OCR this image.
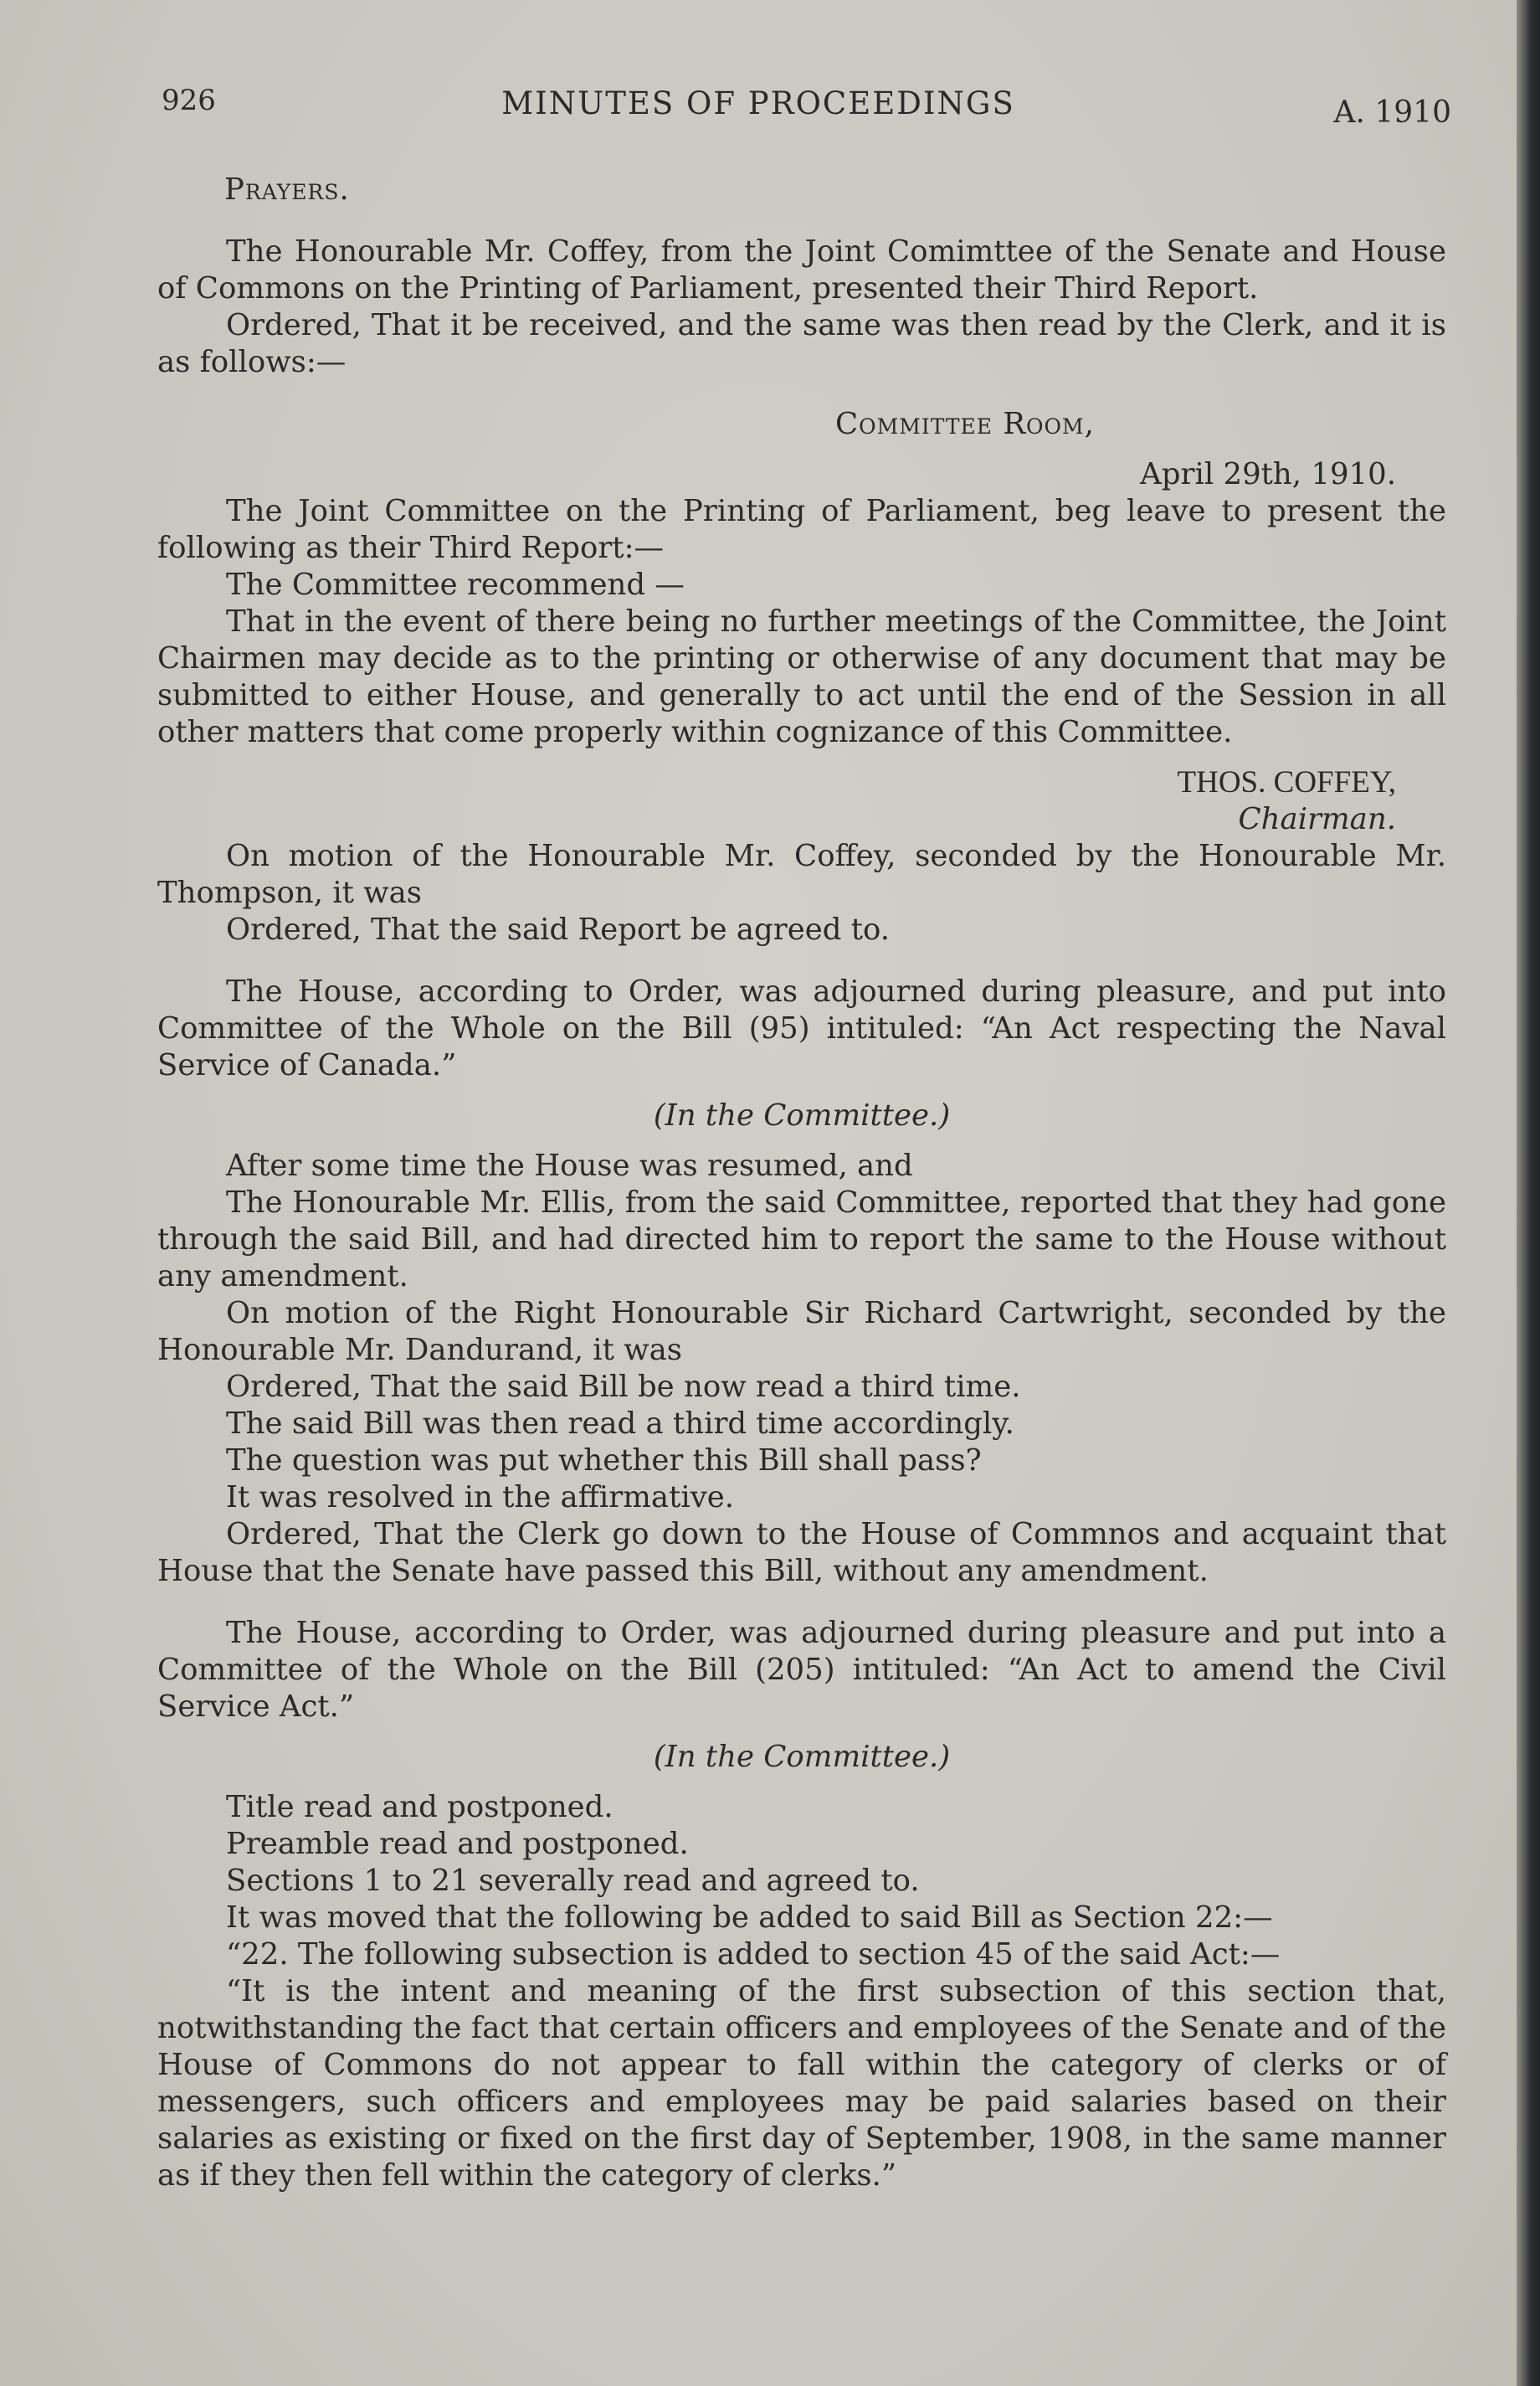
926	MINUTES OF PROCEEDINGS	A. 1910

Prayers.

The Honourable Mr. Coffey, from the Joint Comimttee of the Senate and House of Commons on the Printing of Parliament, presented their Third Report.

Ordered, That it be received, and the same was then read by the Clerk, and it is as follows:—

Committee Room,

April 29th, 1910.

The Joint Committee on the Printing of Parliament, beg leave to present the following as their Third Report:—

The Committee recommend —

That in the event of there being no further meetings of the Committee, the Joint Chairmen may decide as to the printing or otherwise of any document that may be submitted to either House, and generally to act until the end of the Session in all other matters that come properly within cognizance of this Committee.

THOS. COFFEY,

Chairman.

On motion of the Honourable Mr. Coffey, seconded by the Honourable Mr. Thompson, it was

Ordered, That the said Report be agreed to.

The House, according to Order, was adjourned during pleasure, and put into Committee of the Whole on the Bill (95) intituled: “An Act respecting the Naval Service of Canada.”

(In the Committee.)

After some time the House was resumed, and

The Honourable Mr. Ellis, from the said Committee, reported that they had gone through the said Bill, and had directed him to report the same to the House without any amendment.

On motion of the Right Honourable Sir Richard Cartwright, seconded by the Honourable Mr. Dandurand, it was

Ordered, That the said Bill be now read a third time.

The said Bill was then read a third time accordingly.

The question was put whether this Bill shall pass?

It was resolved in the affirmative.

Ordered, That the Clerk go down to the House of Commnos and acquaint that House that the Senate have passed this Bill, without any amendment.

The House, according to Order, was adjourned during pleasure and put into a Committee of the Whole on the Bill (205) intituled: “An Act to amend the Civil Service Act.”

(In the Committee.)

Title read and postponed.

Preamble read and postponed.

Sections 1 to 21 severally read and agreed to.

It was moved that the following be added to said Bill as Section 22:—

“22. The following subsection is added to section 45 of the said Act:—

“It is the intent and meaning of the first subsection of this section that, notwithstanding the fact that certain officers and employees of the Senate and of the House of Commons do not appear to fall within the category of clerks or of messengers, such officers and employees may be paid salaries based on their salaries as existing or fixed on the first day of September, 1908, in the same manner as if they then fell within the category of clerks.”
